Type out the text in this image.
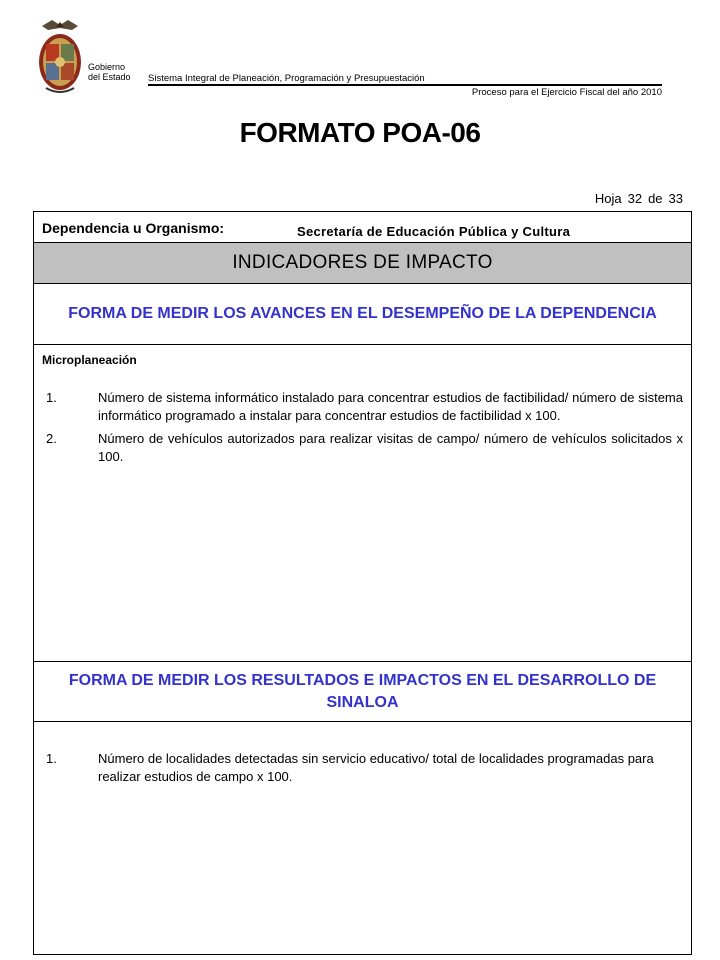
Gobierno
del Estado Sistema Integral de Planeación, Programación y Presupuestación
Proceso para el Ejercicio Fiscal del año 2010
FORMATO POA-06
Hoja 32 de 33
Dependencia u Organismo:	Secretaría de Educación Pública y Cultura
INDICADORES DE IMPACTO
FORMA DE MEDIR LOS AVANCES EN EL DESEMPEÑO DE LA DEPENDENCIA
Microplaneación
1.	Número de sistema informático instalado para concentrar estudios de factibilidad/ número de sistema informático programado a instalar para concentrar estudios de factibilidad x 100.
2.	Número de vehículos autorizados para realizar visitas de campo/ número de vehículos solicitados x 100.
FORMA DE MEDIR LOS RESULTADOS E IMPACTOS EN EL DESARROLLO DE SINALOA
1.	Número de localidades detectadas sin servicio educativo/ total de localidades programadas para realizar estudios de campo x 100.
